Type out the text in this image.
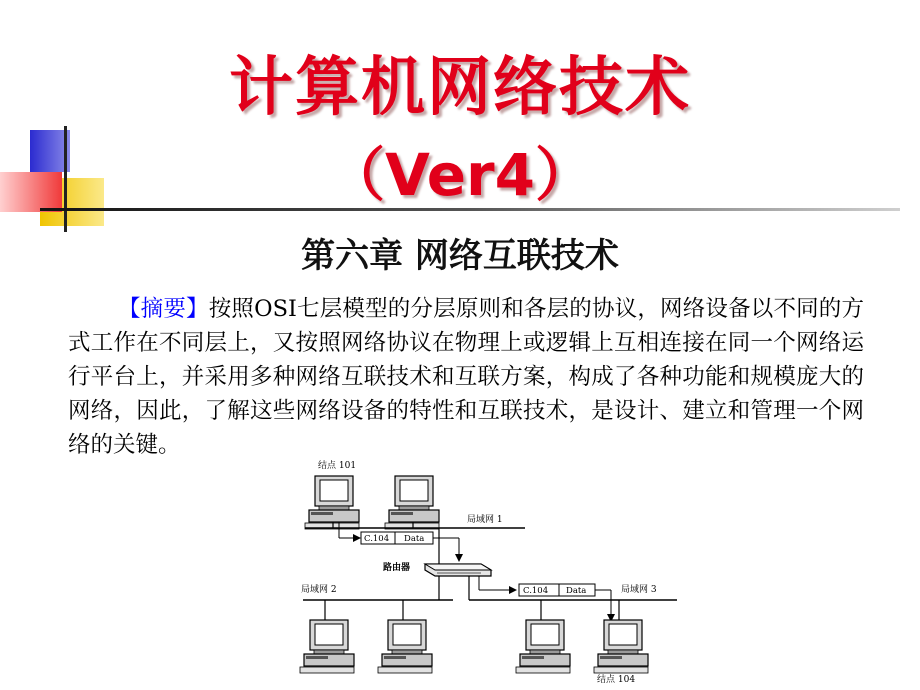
计算机网络技术
（Ver4）
第六章 网络互联技术
【摘要】按照OSI七层模型的分层原则和各层的协议，网络设备以不同的方式工作在不同层上，又按照网络协议在物理上或逻辑上互相连接在同一个网络运行平台上，并采用多种网络互联技术和互联方案，构成了各种功能和规模庞大的网络，因此，了解这些网络设备的特性和互联技术，是设计、建立和管理一个网络的关键。
结点 101
局域网 1
C.104 Data
路由器
局域网 2	C.104 Data	局域网 3
结点 104
